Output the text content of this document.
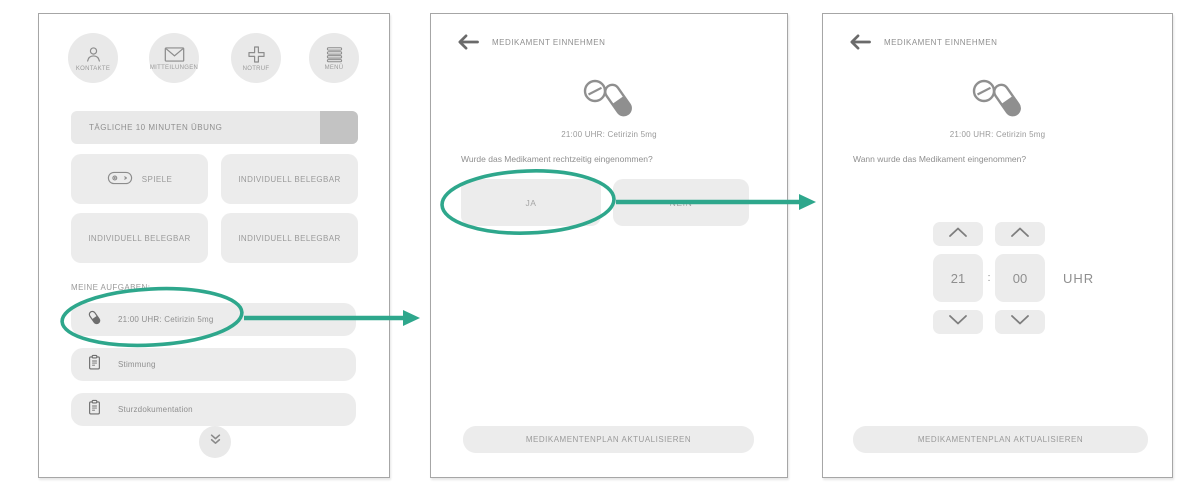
KONTAKTE	MITTEILUNGEN	NOTRUF	MENÜ
TÄGLICHE 10 MINUTEN ÜBUNG
SPIELE	INDIVIDUELL BELEGBAR
INDIVIDUELL BELEGBAR	INDIVIDUELL BELEGBAR
MEINE AUFGABEN:
21:00 UHR: Cetirizin 5mg
Stimmung
Sturzdokumentation
MEDIKAMENT EINNEHMEN
21:00 UHR: Cetirizin 5mg
Wurde das Medikament rechtzeitig eingenommen?
JA	NEIN
MEDIKAMENTENPLAN AKTUALISIEREN
MEDIKAMENT EINNEHMEN
21:00 UHR: Cetirizin 5mg
Wann wurde das Medikament eingenommen?
21	:	00	UHR
MEDIKAMENTENPLAN AKTUALISIEREN
